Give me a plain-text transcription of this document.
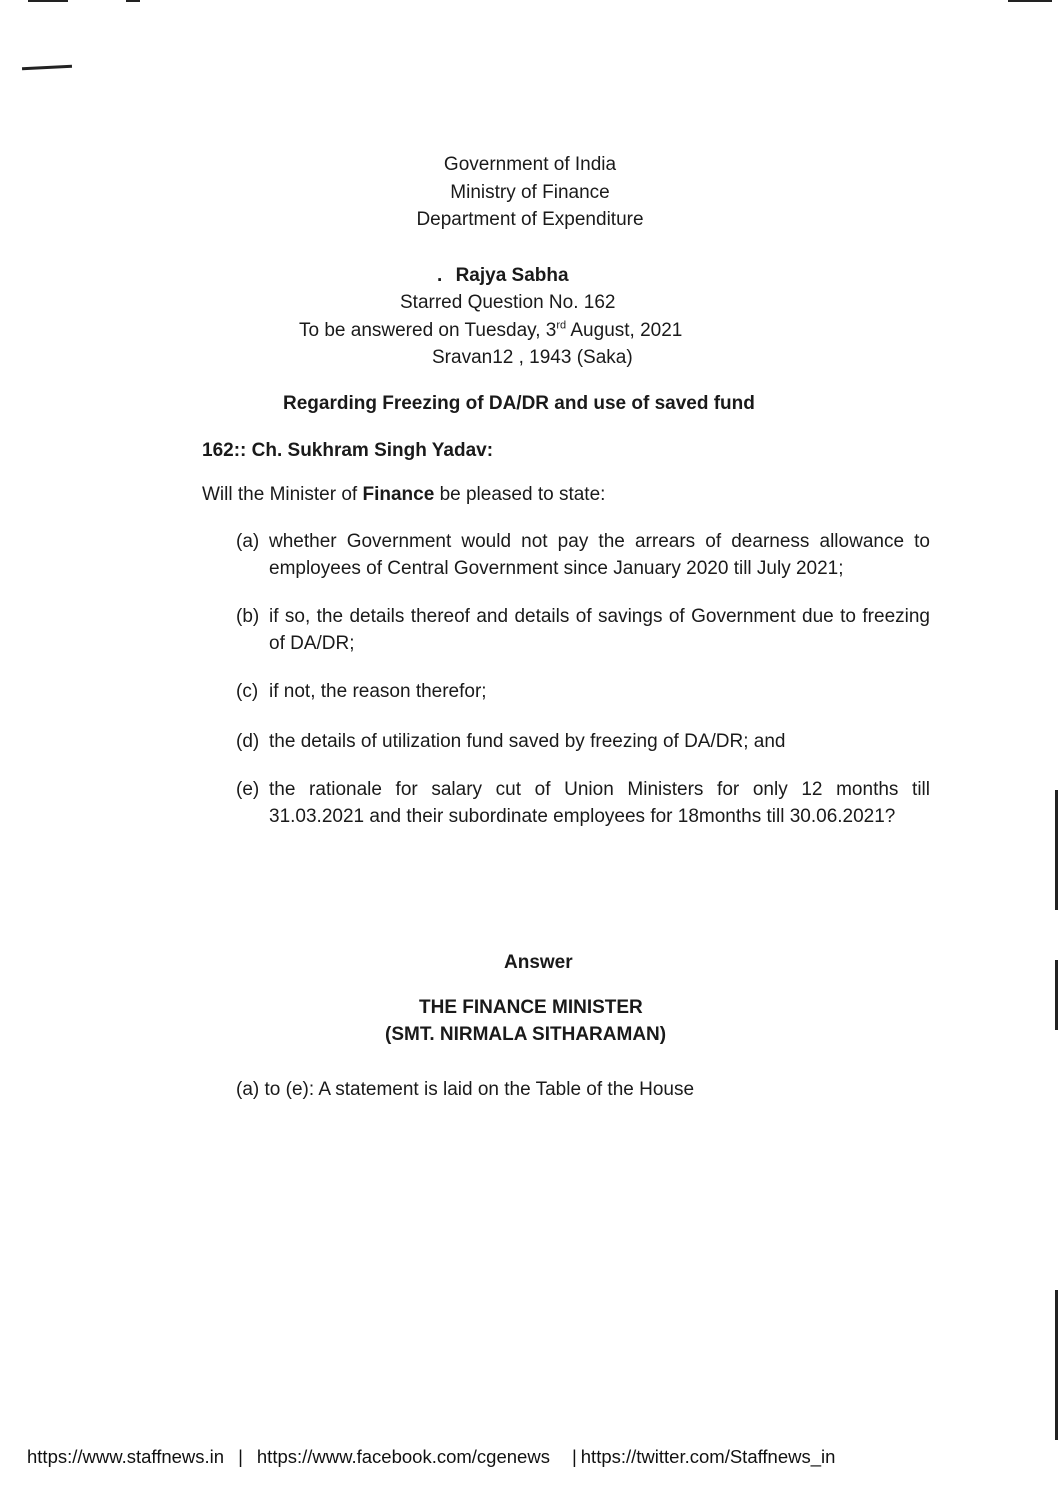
Government of India
Ministry of Finance
Department of Expenditure
. Rajya Sabha
Starred Question No. 162
To be answered on Tuesday, 3rd August, 2021
Sravan12 , 1943 (Saka)
Regarding Freezing of DA/DR and use of saved fund
162:: Ch. Sukhram Singh Yadav:
Will the Minister of Finance be pleased to state:
(a) whether Government would not pay the arrears of dearness allowance to employees of Central Government since January 2020 till July 2021;
(b) if so, the details thereof and details of savings of Government due to freezing of DA/DR;
(c) if not, the reason therefor;
(d) the details of utilization fund saved by freezing of DA/DR; and
(e) the rationale for salary cut of Union Ministers for only 12 months till 31.03.2021 and their subordinate employees for 18months till 30.06.2021?
Answer
THE FINANCE MINISTER
(SMT. NIRMALA SITHARAMAN)
(a) to (e): A statement is laid on the Table of the House
https://www.staffnews.in | https://www.facebook.com/cgenews | https://twitter.com/Staffnews_in
